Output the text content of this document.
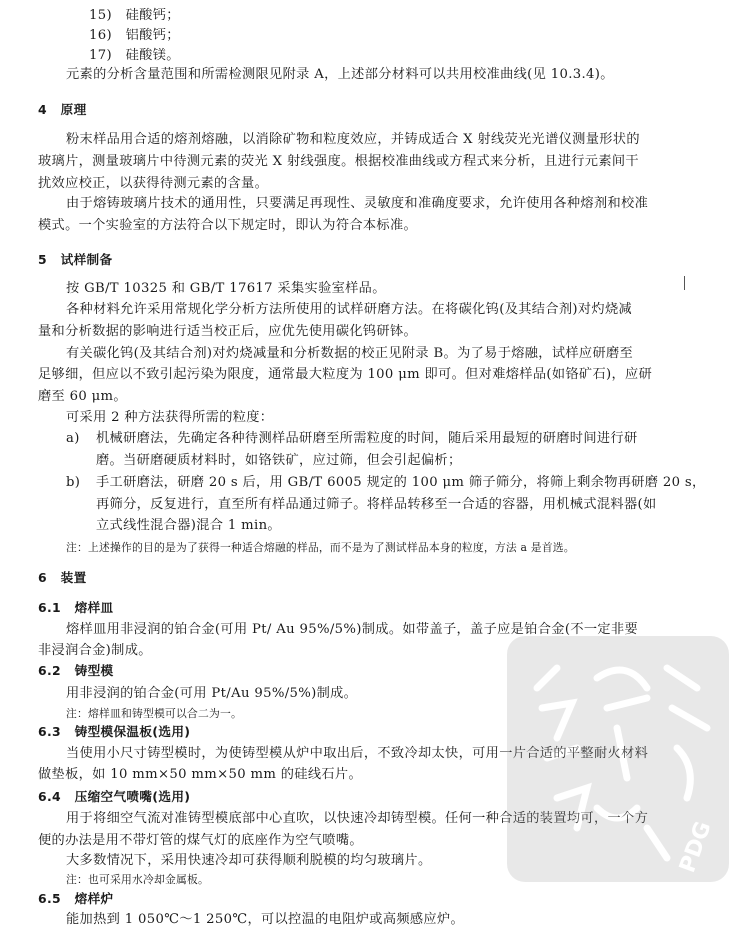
15) 硅酸钙；
16) 铝酸钙；
17) 硅酸镁。
元素的分析含量范围和所需检测限见附录 A，上述部分材料可以共用校准曲线(见 10.3.4)。
4 原理
粉末样品用合适的熔剂熔融，以消除矿物和粒度效应，并铸成适合 X 射线荧光光谱仪测量形状的
玻璃片，测量玻璃片中待测元素的荧光 X 射线强度。根据校准曲线或方程式来分析，且进行元素间干
扰效应校正，以获得待测元素的含量。
由于熔铸玻璃片技术的通用性，只要满足再现性、灵敏度和准确度要求，允许使用各种熔剂和校准
模式。一个实验室的方法符合以下规定时，即认为符合本标准。
5 试样制备
按 GB/T 10325 和 GB/T 17617 采集实验室样品。
各种材料允许采用常规化学分析方法所使用的试样研磨方法。在将碳化钨(及其结合剂)对灼烧减
量和分析数据的影响进行适当校正后，应优先使用碳化钨研钵。
有关碳化钨(及其结合剂)对灼烧减量和分析数据的校正见附录 B。为了易于熔融，试样应研磨至
足够细，但应以不致引起污染为限度，通常最大粒度为 100 μm 即可。但对难熔样品(如铬矿石)，应研
磨至 60 μm。
可采用 2 种方法获得所需的粒度：
a) 机械研磨法，先确定各种待测样品研磨至所需粒度的时间，随后采用最短的研磨时间进行研
磨。当研磨硬质材料时，如铬铁矿，应过筛，但会引起偏析；
b) 手工研磨法，研磨 20 s 后，用 GB/T 6005 规定的 100 μm 筛子筛分，将筛上剩余物再研磨 20 s，
再筛分，反复进行，直至所有样品通过筛子。将样品转移至一合适的容器，用机械式混料器(如
立式线性混合器)混合 1 min。
注：上述操作的目的是为了获得一种适合熔融的样品，而不是为了测试样品本身的粒度，方法 a 是首选。
6 装置
6.1 熔样皿
熔样皿用非浸润的铂合金(可用 Pt/ Au 95%/5%)制成。如带盖子，盖子应是铂合金(不一定非要
非浸润合金)制成。
6.2 铸型模
用非浸润的铂合金(可用 Pt/Au 95%/5%)制成。
注：熔样皿和铸型模可以合二为一。
6.3 铸型模保温板(选用)
当使用小尺寸铸型模时，为使铸型模从炉中取出后，不致冷却太快，可用一片合适的平整耐火材料
做垫板，如 10 mm×50 mm×50 mm 的硅线石片。
6.4 压缩空气喷嘴(选用)
用于将细空气流对准铸型模底部中心直吹，以快速冷却铸型模。任何一种合适的装置均可，一个方
便的办法是用不带灯管的煤气灯的底座作为空气喷嘴。
大多数情况下，采用快速冷却可获得顺利脱模的均匀玻璃片。
注：也可采用水冷却金属板。
6.5 熔样炉
能加热到 1 050℃～1 250℃，可以控温的电阻炉或高频感应炉。
PDG
